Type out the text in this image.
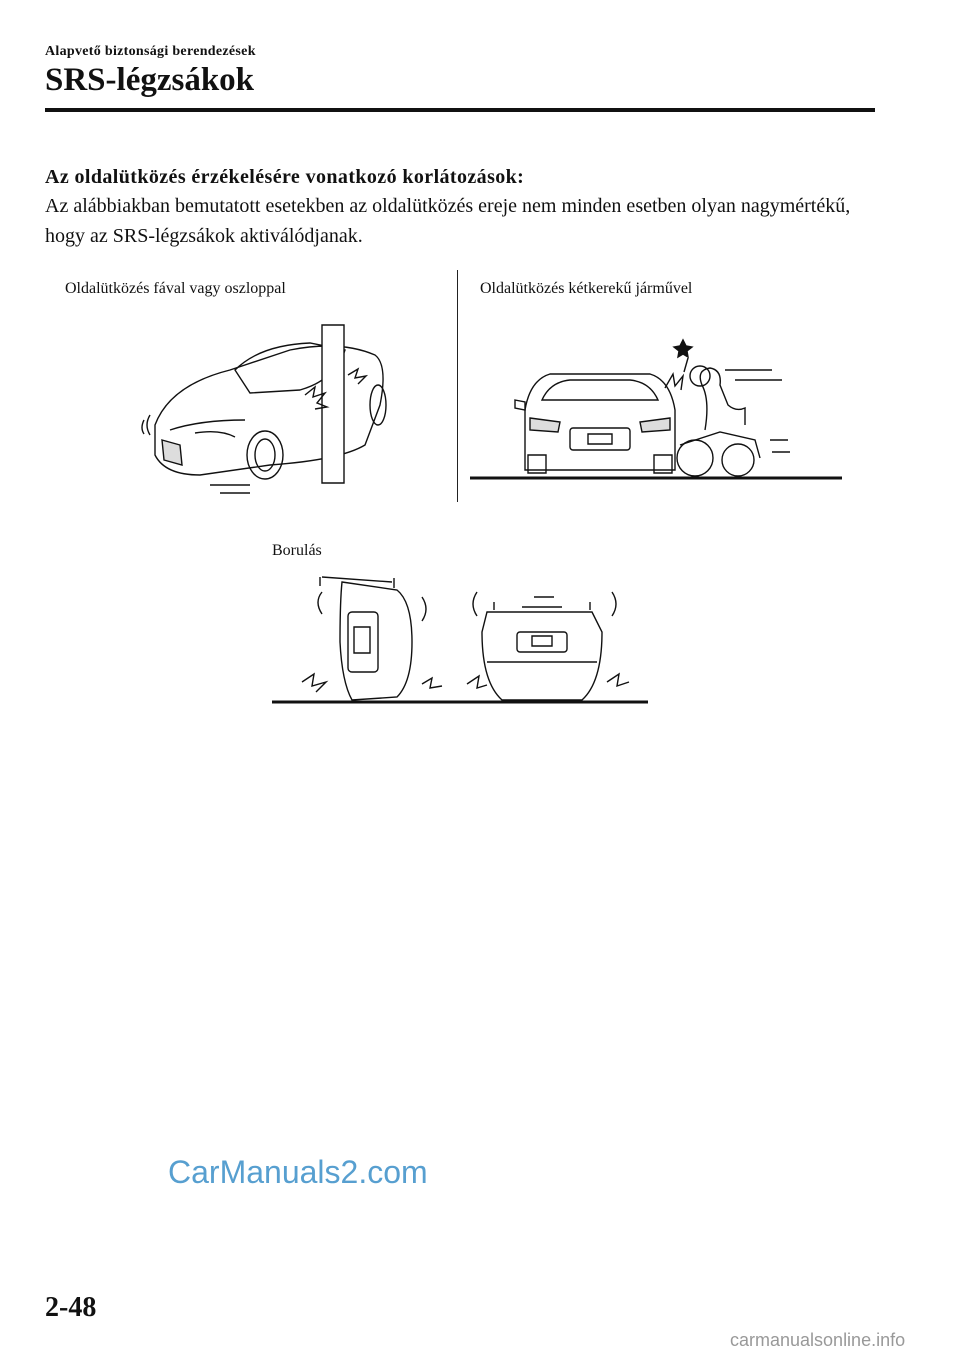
Alapvető biztonsági berendezések
SRS-légzsákok
Az oldalütközés érzékelésére vonatkozó korlátozások:

Az alábbiakban bemutatott esetekben az oldalütközés ereje nem minden esetben olyan nagymértékű, hogy az SRS-légzsákok aktiválódjanak.

Oldalütközés fával vagy oszloppal	Oldalütközés kétkerekű járművel
Borulás
CarManuals2.com
2-48
carmanualsonline.info
